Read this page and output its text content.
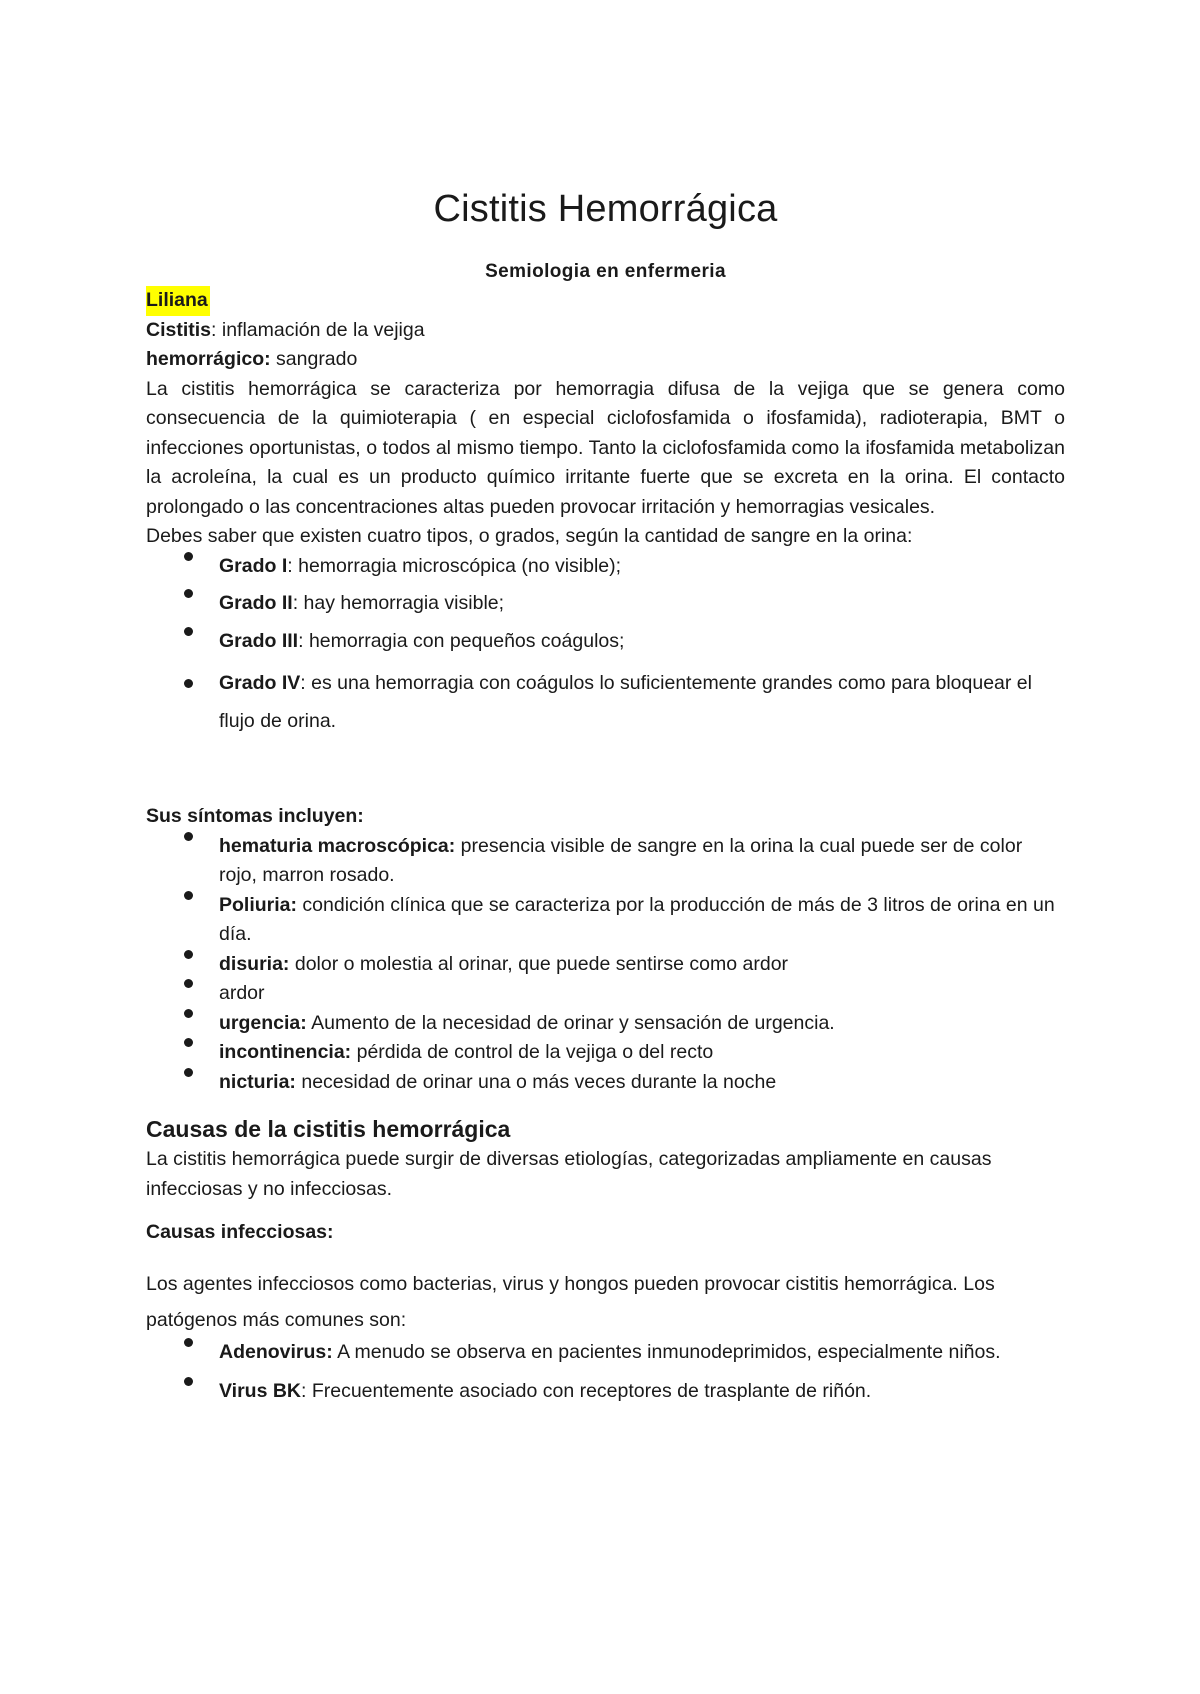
Cistitis Hemorrágica

Semiologia en enfermeria

Liliana

Cistitis: inflamación de la vejiga

hemorrágico: sangrado

La cistitis hemorrágica se caracteriza por hemorragia difusa de la vejiga que se genera como consecuencia de la quimioterapia ( en especial ciclofosfamida o ifosfamida), radioterapia, BMT o infecciones oportunistas, o todos al mismo tiempo. Tanto la ciclofosfamida como la ifosfamida metabolizan la acroleína, la cual es un producto químico irritante fuerte que se excreta en la orina. El contacto prolongado o las concentraciones altas pueden provocar irritación y hemorragias vesicales.

Debes saber que existen cuatro tipos, o grados, según la cantidad de sangre en la orina:

Grado I: hemorragia microscópica (no visible);
Grado II: hay hemorragia visible;
Grado III: hemorragia con pequeños coágulos;
Grado IV: es una hemorragia con coágulos lo suficientemente grandes como para bloquear el flujo de orina.

Sus síntomas incluyen:

hematuria macroscópica: presencia visible de sangre en la orina la cual puede ser de color rojo, marron rosado.
Poliuria: condición clínica que se caracteriza por la producción de más de 3 litros de orina en un día.
disuria: dolor o molestia al orinar, que puede sentirse como ardor
ardor
urgencia: Aumento de la necesidad de orinar y sensación de urgencia.
incontinencia: pérdida de control de la vejiga o del recto
nicturia: necesidad de orinar una o más veces durante la noche
Causas de la cistitis hemorrágica

La cistitis hemorrágica puede surgir de diversas etiologías, categorizadas ampliamente en causas infecciosas y no infecciosas.

Causas infecciosas:

Los agentes infecciosos como bacterias, virus y hongos pueden provocar cistitis hemorrágica. Los patógenos más comunes son:

Adenovirus: A menudo se observa en pacientes inmunodeprimidos, especialmente niños.
Virus BK: Frecuentemente asociado con receptores de trasplante de riñón.
